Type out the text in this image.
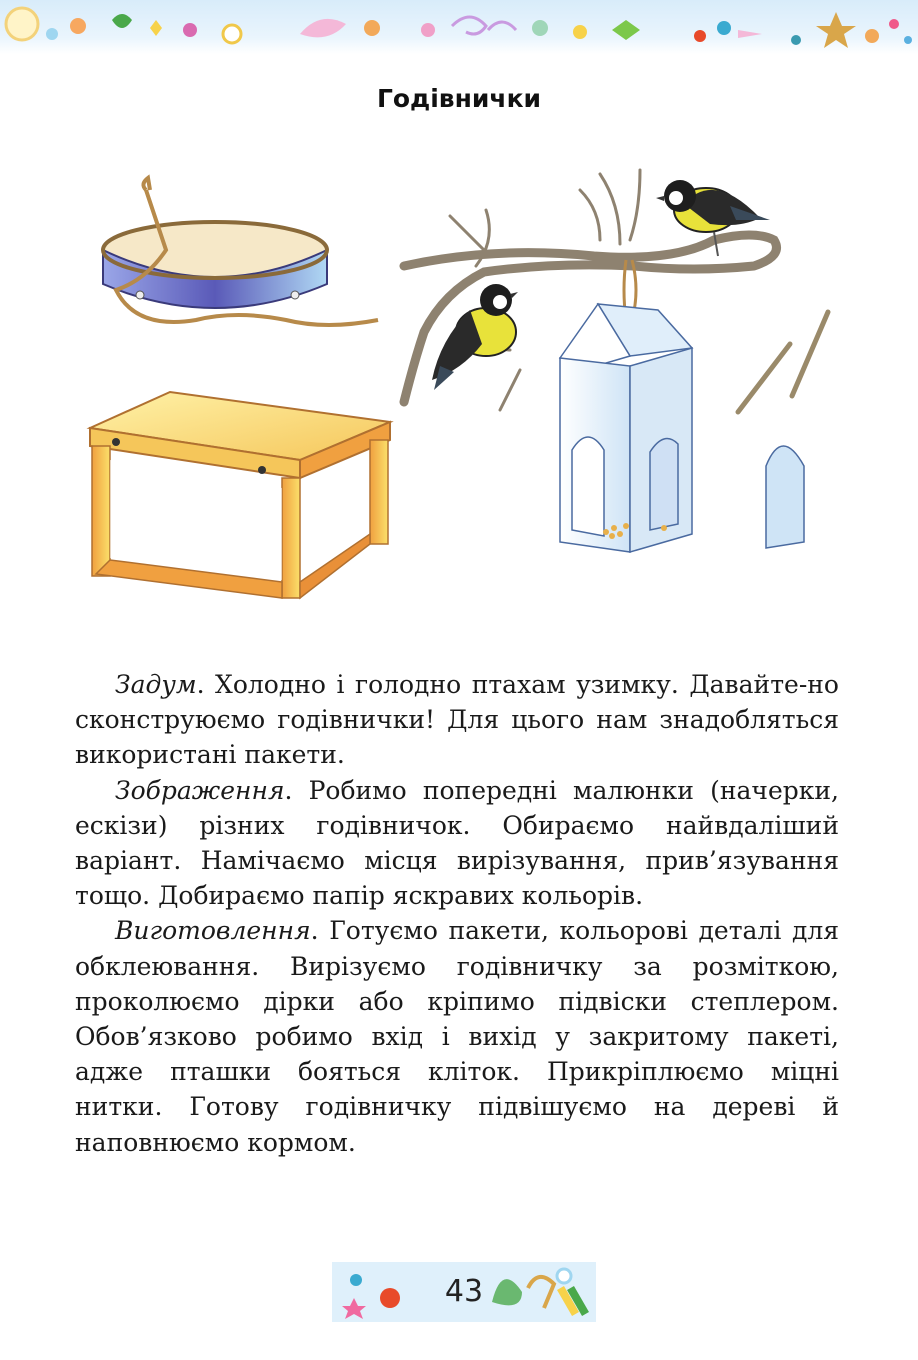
Годівнички

Задум. Холодно і голодно птахам узимку. Давайте-но сконструюємо годівнички! Для цього нам знадобляться використані пакети.

Зображення. Робимо попередні малюнки (начерки, ескізи) різних годівничок. Обираємо найвдаліший варіант. Намічаємо місця вирізування, прив’язування тощо. Добираємо папір яскравих кольорів.

Виготовлення. Готуємо пакети, кольорові деталі для обклеювання. Вирізуємо годівничку за розміткою, проколюємо дірки або кріпимо підвіски степлером. Обов’язково робимо вхід і вихід у закритому пакеті, адже пташки бояться кліток. Прикріплюємо міцні нитки. Готову годівничку підвішуємо на дереві й наповнюємо кормом.

43
